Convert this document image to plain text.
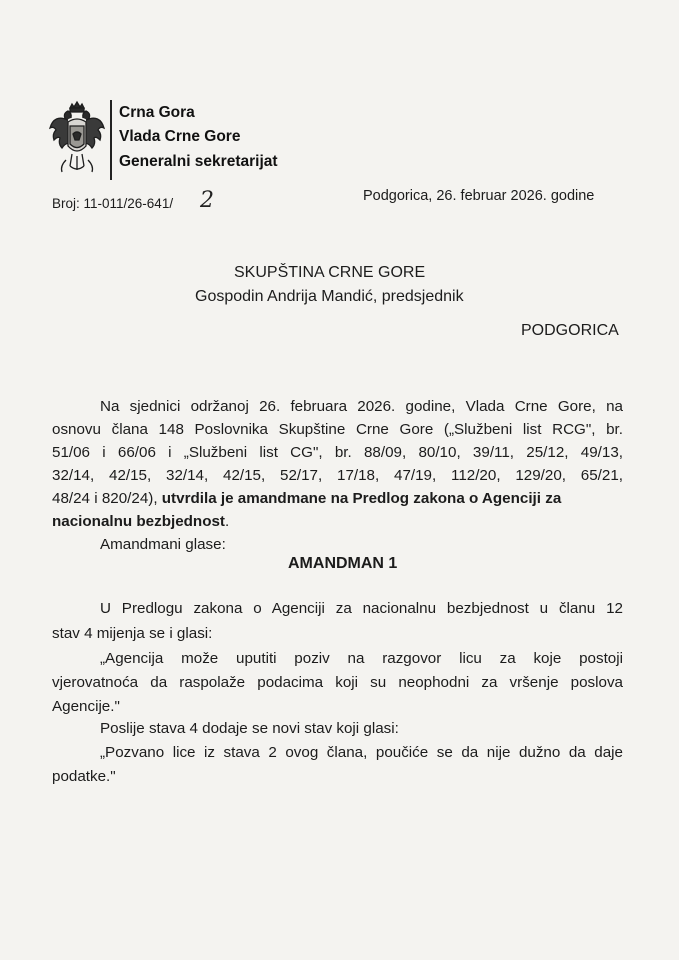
Crna Gora
Vlada Crne Gore
Generalni sekretarijat
Broj: 11-011/26-641/ 2	Podgorica, 26. februar 2026. godine
SKUPŠTINA CRNE GORE
Gospodin Andrija Mandić, predsjednik
PODGORICA
Na sjednici održanoj 26. februara 2026. godine, Vlada Crne Gore, na
osnovu člana 148 Poslovnika Skupštine Crne Gore („Službeni list RCG", br.
51/06 i 66/06 i „Službeni list CG", br. 88/09, 80/10, 39/11, 25/12, 49/13,
32/14, 42/15, 32/14, 42/15, 52/17, 17/18, 47/19, 112/20, 129/20, 65/21,
48/24 i 820/24), utvrdila je amandmane na Predlog zakona o Agenciji za
nacionalnu bezbjednost.
Amandmani glase:
AMANDMAN 1
U Predlogu zakona o Agenciji za nacionalnu bezbjednost u članu 12
stav 4 mijenja se i glasi:
„Agencija može uputiti poziv na razgovor licu za koje postoji
vjerovatnoća da raspolaže podacima koji su neophodni za vršenje poslova
Agencije."
Poslije stava 4 dodaje se novi stav koji glasi:
„Pozvano lice iz stava 2 ovog člana, poučiće se da nije dužno da daje
podatke."
